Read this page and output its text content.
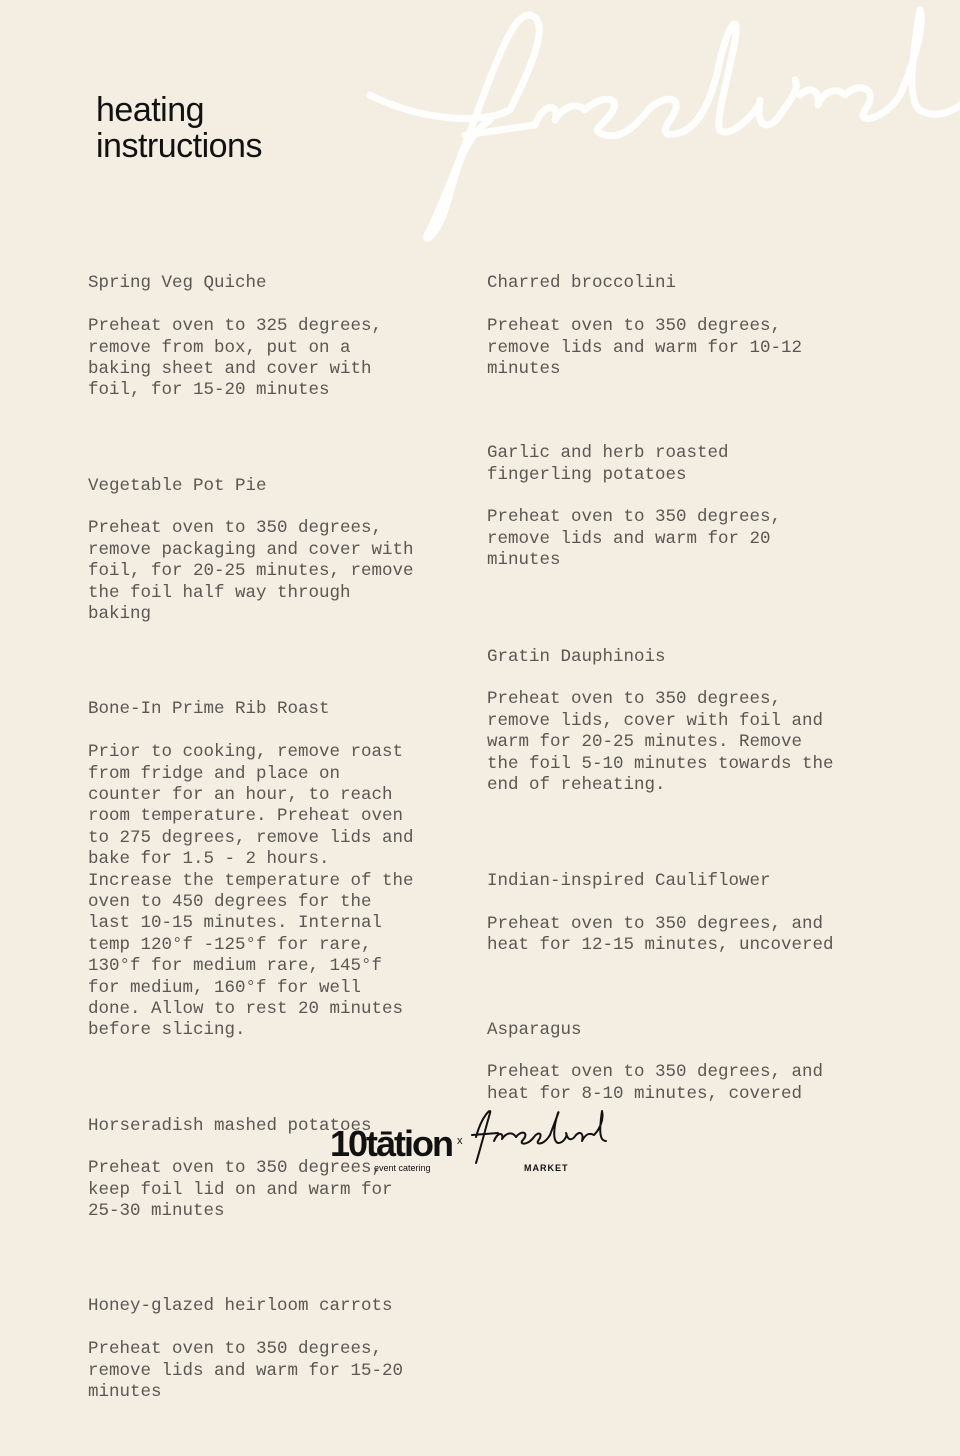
heating
instructions

Spring Veg Quiche

Preheat oven to 325 degrees,
remove from box, put on a
baking sheet and cover with
foil, for 15-20 minutes

Vegetable Pot Pie

Preheat oven to 350 degrees,
remove packaging and cover with
foil, for 20-25 minutes, remove
the foil half way through
baking

Bone-In Prime Rib Roast

Prior to cooking, remove roast
from fridge and place on
counter for an hour, to reach
room temperature. Preheat oven
to 275 degrees, remove lids and
bake for 1.5 - 2 hours.
Increase the temperature of the
oven to 450 degrees for the
last 10-15 minutes. Internal
temp 120°f -125°f for rare,
130°f for medium rare, 145°f
for medium, 160°f for well
done. Allow to rest 20 minutes
before slicing.

Horseradish mashed potatoes

Preheat oven to 350 degrees,
keep foil lid on and warm for
25-30 minutes

Honey-glazed heirloom carrots

Preheat oven to 350 degrees,
remove lids and warm for 15-20
minutes

Charred broccolini

Preheat oven to 350 degrees,
remove lids and warm for 10-12
minutes

Garlic and herb roasted
fingerling potatoes

Preheat oven to 350 degrees,
remove lids and warm for 20
minutes

Gratin Dauphinois

Preheat oven to 350 degrees,
remove lids, cover with foil and
warm for 20-25 minutes. Remove
the foil 5-10 minutes towards the
end of reheating.

Indian-inspired Cauliflower

Preheat oven to 350 degrees, and
heat for 12-15 minutes, uncovered

Asparagus

Preheat oven to 350 degrees, and
heat for 8-10 minutes, covered

10tātion
event catering
x
MARKET
